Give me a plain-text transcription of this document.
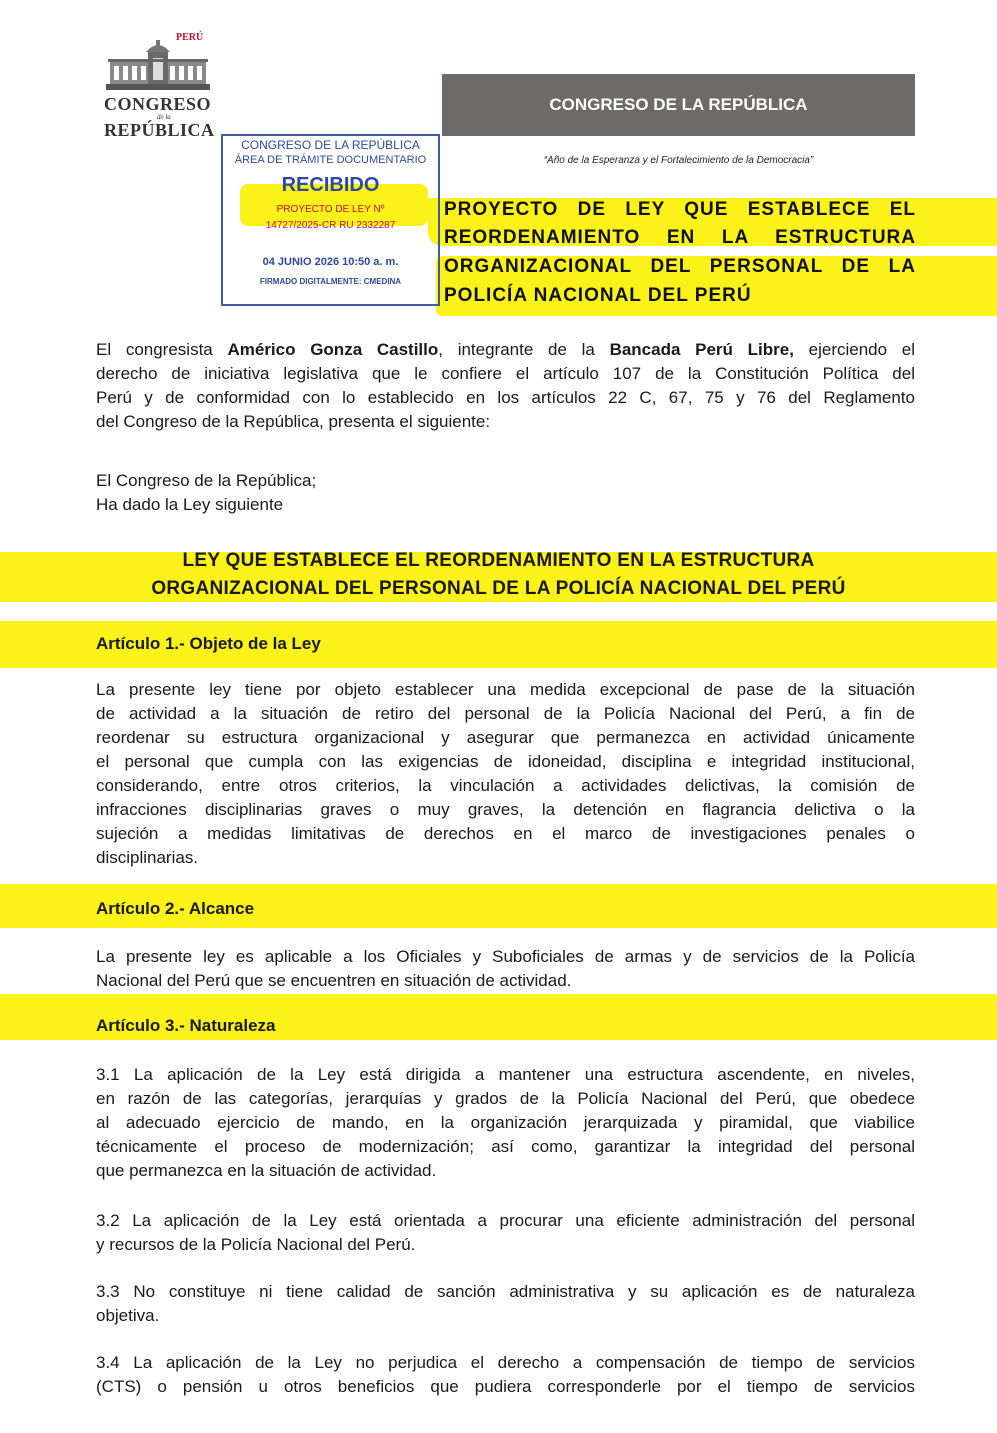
PERÚ
CONGRESO
de la
REPÚBLICA
CONGRESO DE LA REPÚBLICA
“Año de la Esperanza y el Fortalecimiento de la Democracia”
CONGRESO DE LA REPÚBLICA
ÁREA DE TRÁMITE DOCUMENTARIO
RECIBIDO
PROYECTO DE LEY Nº
14727/2025-CR RU 2332287
04 JUNIO 2026 10:50 a. m.
FIRMADO DIGITALMENTE: CMEDINA
PROYECTO DE LEY QUE ESTABLECE EL
REORDENAMIENTO EN LA ESTRUCTURA
ORGANIZACIONAL DEL PERSONAL DE LA
POLICÍA NACIONAL DEL PERÚ
El congresista Américo Gonza Castillo, integrante de la Bancada Perú Libre, ejerciendo el
derecho de iniciativa legislativa que le confiere el artículo 107 de la Constitución Política del
Perú y de conformidad con lo establecido en los artículos 22 C, 67, 75 y 76 del Reglamento
del Congreso de la República, presenta el siguiente:
El Congreso de la República;
Ha dado la Ley siguiente
LEY QUE ESTABLECE EL REORDENAMIENTO EN LA ESTRUCTURA
ORGANIZACIONAL DEL PERSONAL DE LA POLICÍA NACIONAL DEL PERÚ
Artículo 1.- Objeto de la Ley
La presente ley tiene por objeto establecer una medida excepcional de pase de la situación
de actividad a la situación de retiro del personal de la Policía Nacional del Perú, a fin de
reordenar su estructura organizacional y asegurar que permanezca en actividad únicamente
el personal que cumpla con las exigencias de idoneidad, disciplina e integridad institucional,
considerando, entre otros criterios, la vinculación a actividades delictivas, la comisión de
infracciones disciplinarias graves o muy graves, la detención en flagrancia delictiva o la
sujeción a medidas limitativas de derechos en el marco de investigaciones penales o
disciplinarias.
Artículo 2.- Alcance
La presente ley es aplicable a los Oficiales y Suboficiales de armas y de servicios de la Policía
Nacional del Perú que se encuentren en situación de actividad.
Artículo 3.- Naturaleza
3.1 La aplicación de la Ley está dirigida a mantener una estructura ascendente, en niveles,
en razón de las categorías, jerarquías y grados de la Policía Nacional del Perú, que obedece
al adecuado ejercicio de mando, en la organización jerarquizada y piramidal, que viabilice
técnicamente el proceso de modernización; así como, garantizar la integridad del personal
que permanezca en la situación de actividad.
3.2 La aplicación de la Ley está orientada a procurar una eficiente administración del personal
y recursos de la Policía Nacional del Perú.
3.3 No constituye ni tiene calidad de sanción administrativa y su aplicación es de naturaleza
objetiva.
3.4 La aplicación de la Ley no perjudica el derecho a compensación de tiempo de servicios
(CTS) o pensión u otros beneficios que pudiera corresponderle por el tiempo de servicios
